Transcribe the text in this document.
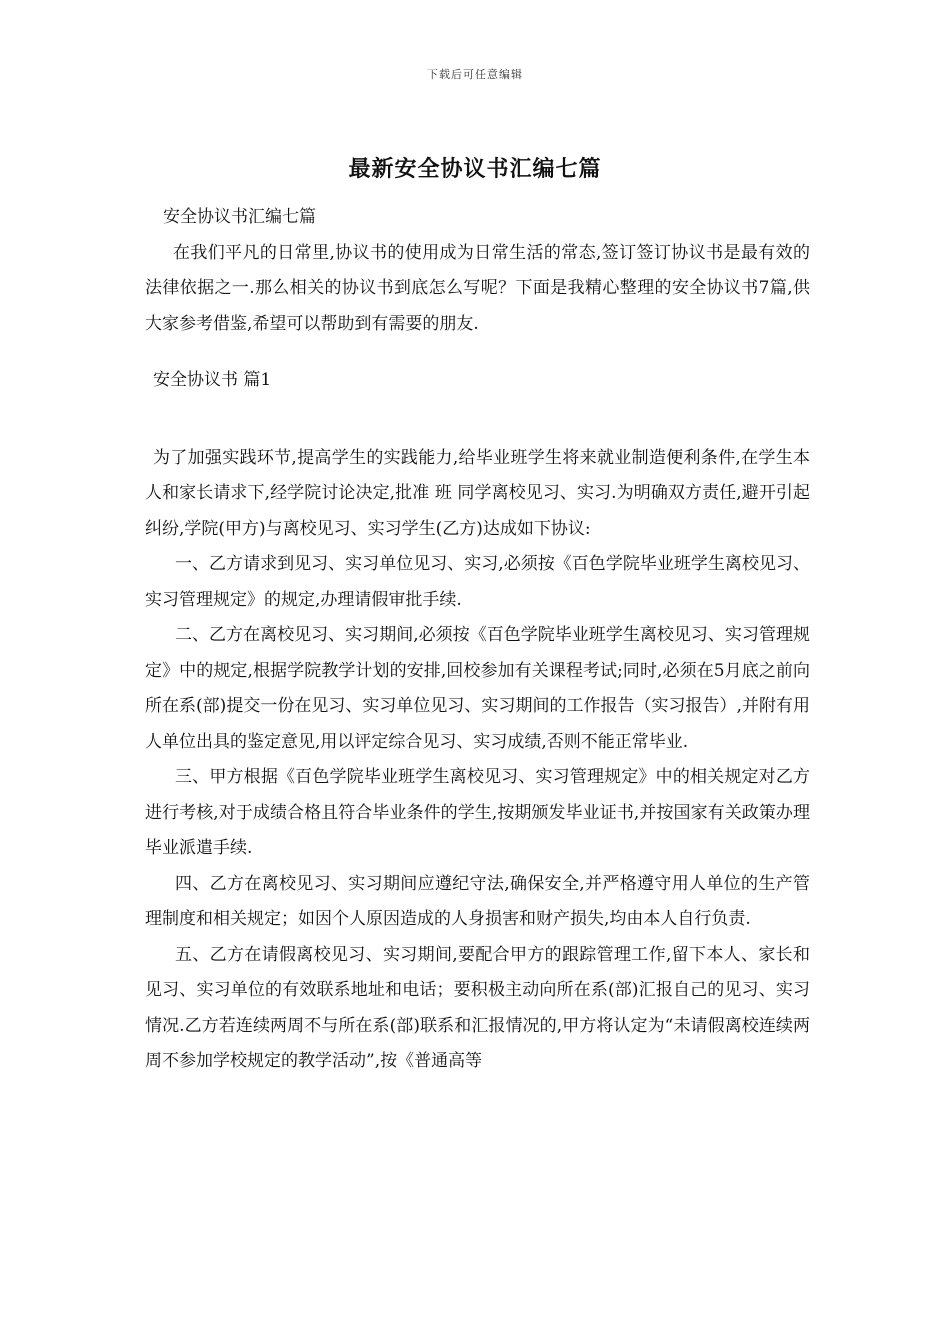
下载后可任意编辑
最新安全协议书汇编七篇

安全协议书汇编七篇

在我们平凡的日常里,协议书的使用成为日常生活的常态,签订签订协议书是最有效的法律依据之一.那么相关的协议书到底怎么写呢？下面是我精心整理的安全协议书7篇,供大家参考借鉴,希望可以帮助到有需要的朋友.

安全协议书 篇1

为了加强实践环节,提高学生的实践能力,给毕业班学生将来就业制造便利条件,在学生本人和家长请求下,经学院讨论决定,批准 班 同学离校见习、实习.为明确双方责任,避开引起纠纷,学院(甲方)与离校见习、实习学生(乙方)达成如下协议:

一、乙方请求到见习、实习单位见习、实习,必须按《百色学院毕业班学生离校见习、实习管理规定》的规定,办理请假审批手续.

二、乙方在离校见习、实习期间,必须按《百色学院毕业班学生离校见习、实习管理规定》中的规定,根据学院教学计划的安排,回校参加有关课程考试;同时,必须在5月底之前向所在系(部)提交一份在见习、实习单位见习、实习期间的工作报告（实习报告）,并附有用人单位出具的鉴定意见,用以评定综合见习、实习成绩,否则不能正常毕业.

三、甲方根据《百色学院毕业班学生离校见习、实习管理规定》中的相关规定对乙方进行考核,对于成绩合格且符合毕业条件的学生,按期颁发毕业证书,并按国家有关政策办理毕业派遣手续.

四、乙方在离校见习、实习期间应遵纪守法,确保安全,并严格遵守用人单位的生产管理制度和相关规定；如因个人原因造成的人身损害和财产损失,均由本人自行负责.

五、乙方在请假离校见习、实习期间,要配合甲方的跟踪管理工作,留下本人、家长和见习、实习单位的有效联系地址和电话；要积极主动向所在系(部)汇报自己的见习、实习情况.乙方若连续两周不与所在系(部)联系和汇报情况的,甲方将认定为“未请假离校连续两周不参加学校规定的教学活动”,按《普通高等
